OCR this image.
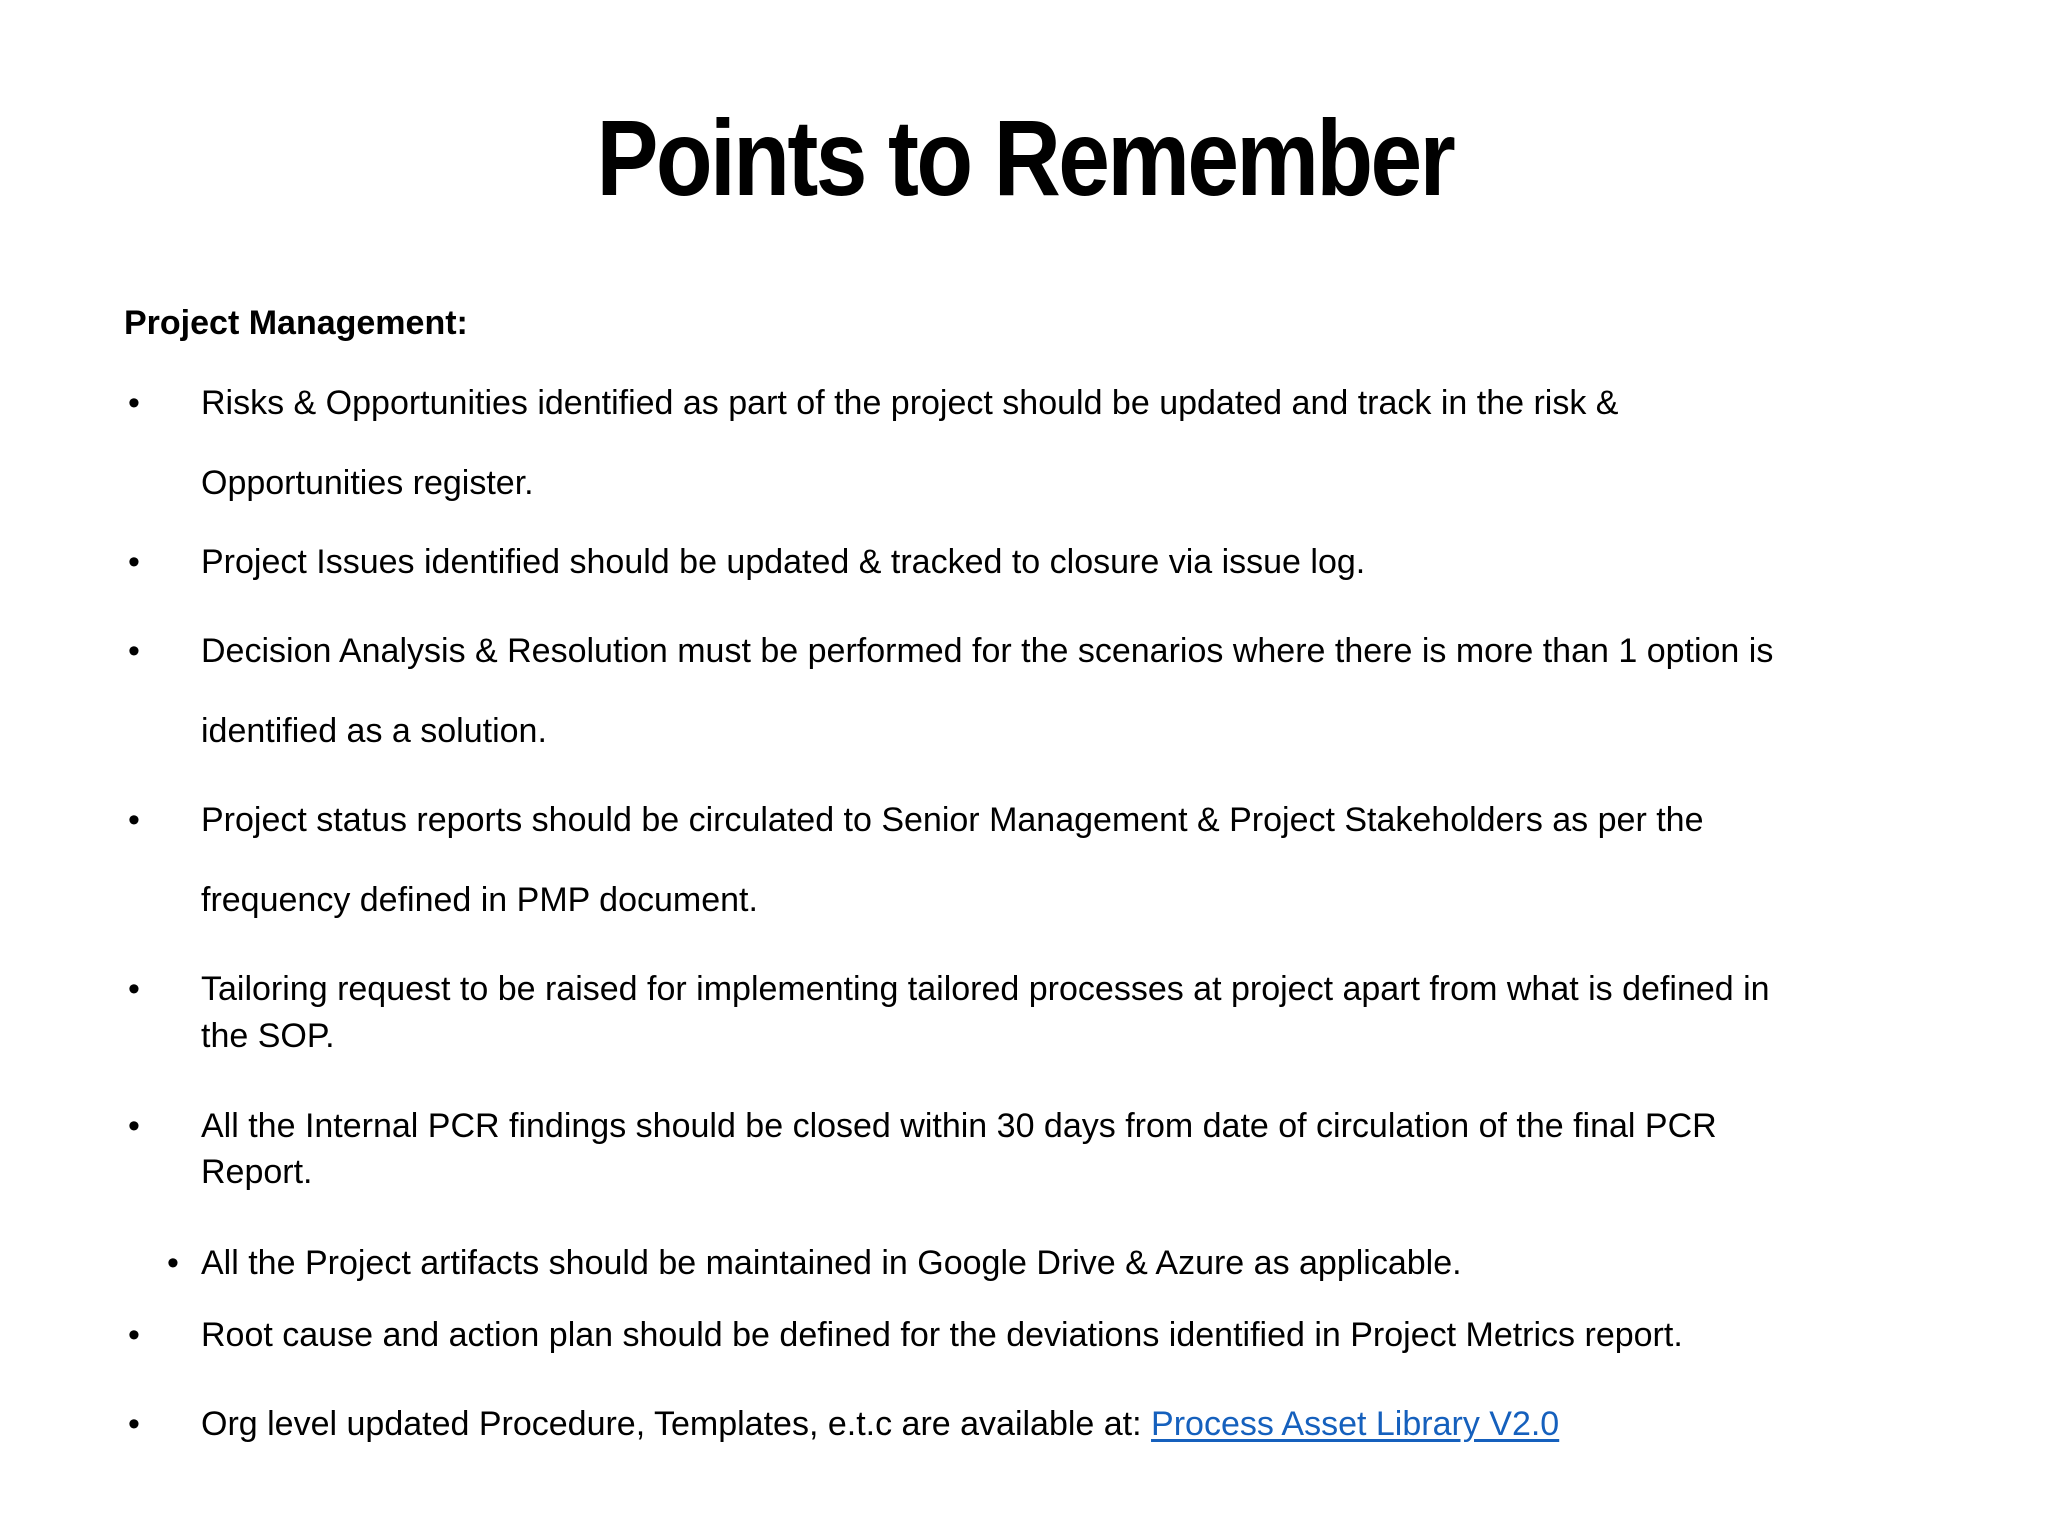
Points to Remember
Project Management:
• Risks & Opportunities identified as part of the project should be updated and track in the risk &
Opportunities register.
• Project Issues identified should be updated & tracked to closure via issue log.
• Decision Analysis & Resolution must be performed for the scenarios where there is more than 1 option is
identified as a solution.
• Project status reports should be circulated to Senior Management & Project Stakeholders as per the
frequency defined in PMP document.
• Tailoring request to be raised for implementing tailored processes at project apart from what is defined in
the SOP.
• All the Internal PCR findings should be closed within 30 days from date of circulation of the final PCR
Report.
• All the Project artifacts should be maintained in Google Drive & Azure as applicable.
• Root cause and action plan should be defined for the deviations identified in Project Metrics report.
• Org level updated Procedure, Templates, e.t.c are available at: Process Asset Library V2.0
